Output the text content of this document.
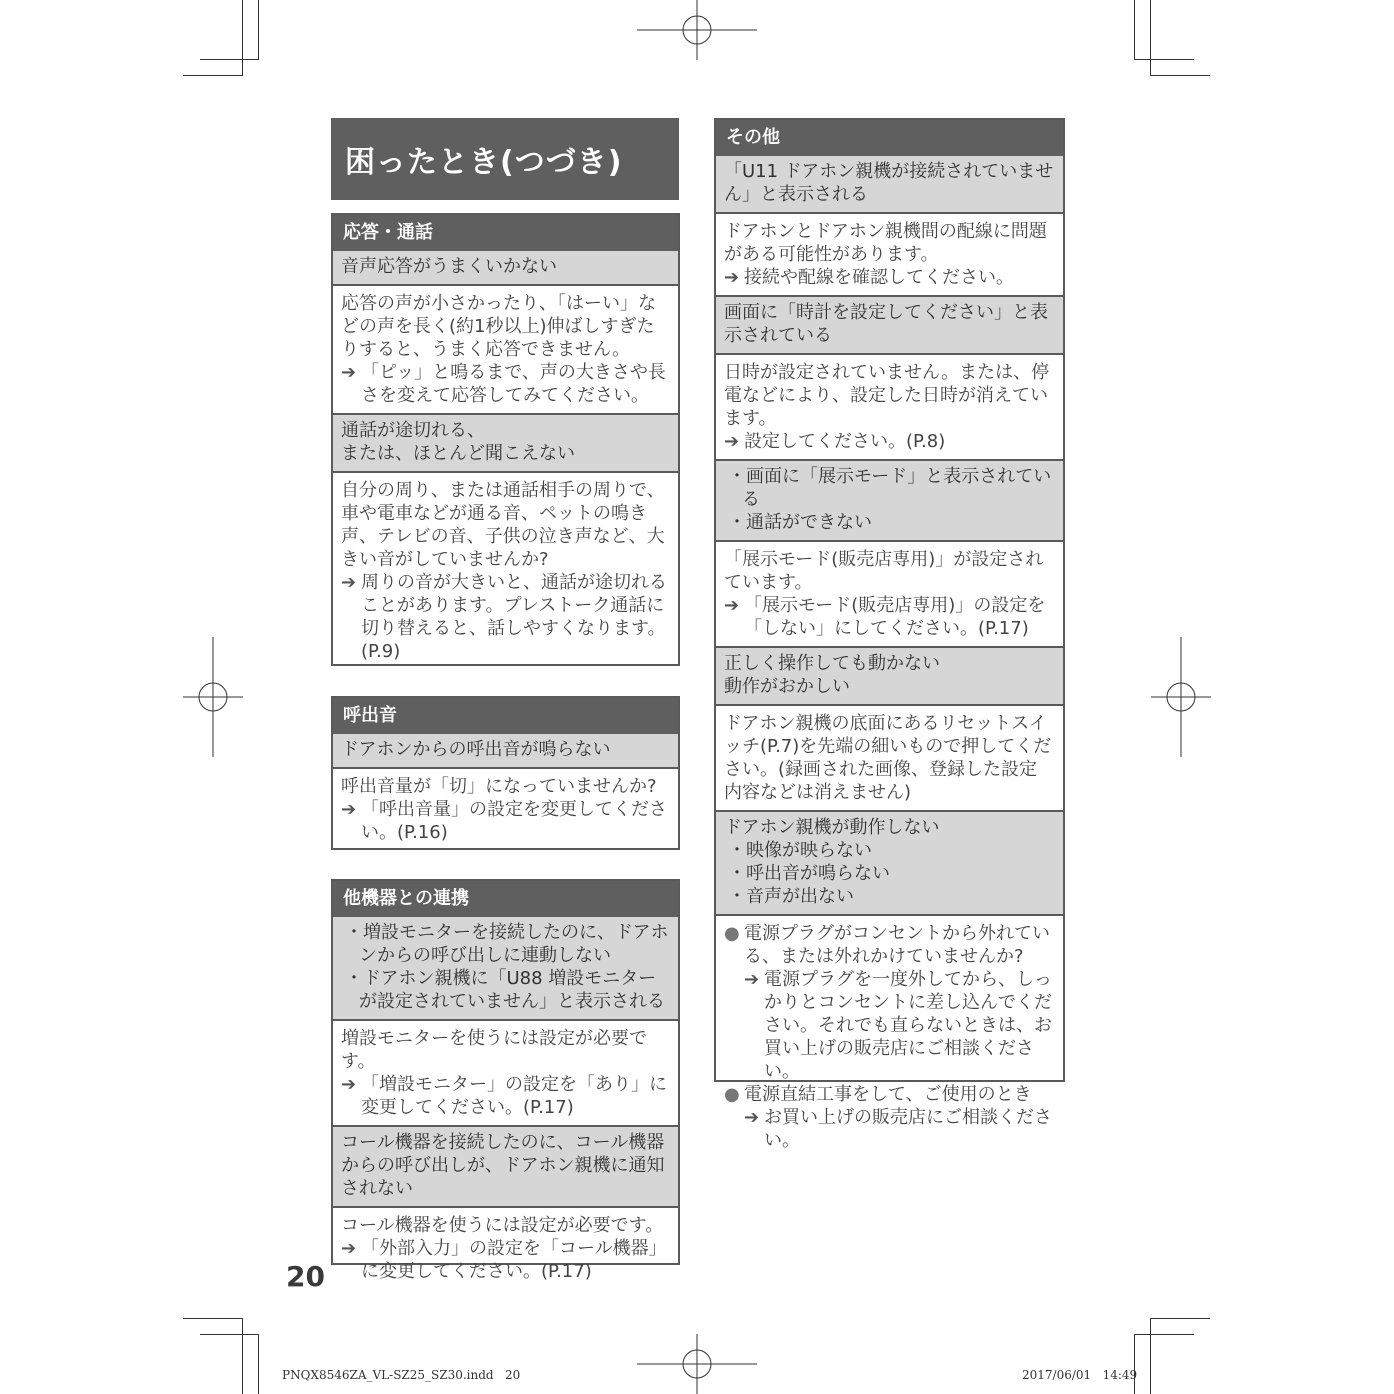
困ったとき(つづき)
応答・通話
音声応答がうまくいかない

応答の声が小さかったり、「はーい」などの声を長く(約1秒以上)伸ばしすぎたりすると、うまく応答できません。

➔ 「ピッ」と鳴るまで、声の大きさや長さを変えて応答してみてください。
通話が途切れる、
または、ほとんど聞こえない

自分の周り、または通話相手の周りで、車や電車などが通る音、ペットの鳴き声、テレビの音、子供の泣き声など、大きい音がしていませんか?

➔ 周りの音が大きいと、通話が途切れることがあります。プレストーク通話に切り替えると、話しやすくなります。(P.9)
呼出音
ドアホンからの呼出音が鳴らない

呼出音量が「切」になっていませんか?

➔ 「呼出音量」の設定を変更してください。(P.16)
他機器との連携
・増設モニターを接続したのに、ドアホンからの呼び出しに連動しない
・ドアホン親機に「U88 増設モニターが設定されていません」と表示される

増設モニターを使うには設定が必要です。

➔ 「増設モニター」の設定を「あり」に変更してください。(P.17)
コール機器を接続したのに、コール機器からの呼び出しが、ドアホン親機に通知されない

コール機器を使うには設定が必要です。

➔ 「外部入力」の設定を「コール機器」に変更してください。(P.17)
その他
「U11 ドアホン親機が接続されていません」と表示される

ドアホンとドアホン親機間の配線に問題がある可能性があります。

➔ 接続や配線を確認してください。
画面に「時計を設定してください」と表示されている

日時が設定されていません。または、停電などにより、設定した日時が消えています。

➔ 設定してください。(P.8)
・画面に「展示モード」と表示されている
・通話ができない

「展示モード(販売店専用)」が設定されています。

➔ 「展示モード(販売店専用)」の設定を「しない」にしてください。(P.17)
正しく操作しても動かない
動作がおかしい

ドアホン親機の底面にあるリセットスイッチ(P.7)を先端の細いもので押してください。(録画された画像、登録した設定内容などは消えません)

ドアホン親機が動作しない
・映像が映らない
・呼出音が鳴らない
・音声が出ない
● 電源プラグがコンセントから外れている、または外れかけていませんか?
➔ 電源プラグを一度外してから、しっかりとコンセントに差し込んでください。それでも直らないときは、お買い上げの販売店にご相談ください。
● 電源直結工事をして、ご使用のとき
➔ お買い上げの販売店にご相談ください。
20
PNQX8546ZA_VL-SZ25_SZ30.indd   20	2017/06/01   14:49
